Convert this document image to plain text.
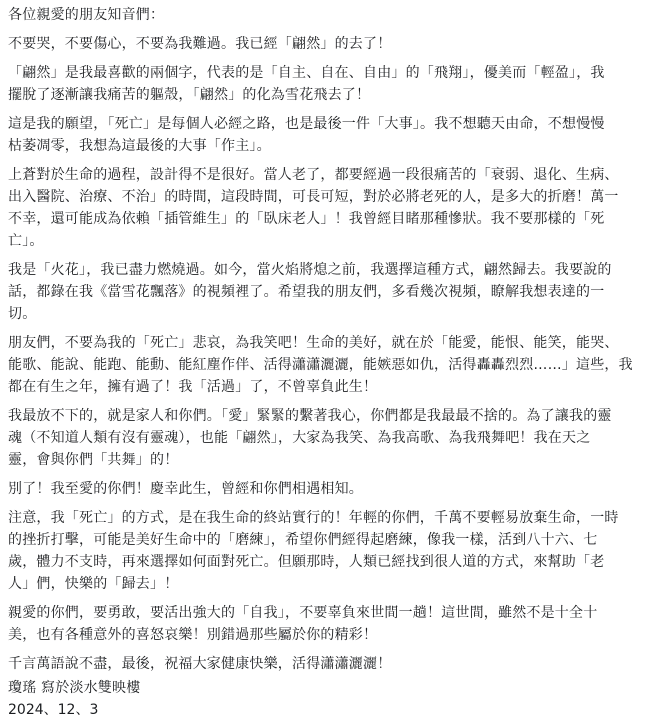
各位親愛的朋友知音們：
不要哭，不要傷心，不要為我難過。我已經「翩然」的去了！
「翩然」是我最喜歡的兩個字，代表的是「自主、自在、自由」的「飛翔」，優美而「輕盈」，我
擺脫了逐漸讓我痛苦的軀殼，「翩然」的化為雪花飛去了！
這是我的願望，「死亡」是每個人必經之路，也是最後一件「大事」。我不想聽天由命，不想慢慢
枯萎凋零，我想為這最後的大事「作主」。
上蒼對於生命的過程，設計得不是很好。當人老了，都要經過一段很痛苦的「衰弱、退化、生病、
出入醫院、治療、不治」的時間，這段時間，可長可短，對於必將老死的人，是多大的折磨！萬一
不幸，還可能成為依賴「插管維生」的「臥床老人」！我曾經目睹那種慘狀。我不要那樣的「死
亡」。
我是「火花」，我已盡力燃燒過。如今，當火焰將熄之前，我選擇這種方式，翩然歸去。我要說的
話，都錄在我《當雪花飄落》的視頻裡了。希望我的朋友們，多看幾次視頻，瞭解我想表達的一
切。
朋友們，不要為我的「死亡」悲哀，為我笑吧！生命的美好，就在於「能愛，能恨、能笑，能哭、
能歌、能說、能跑、能動、能紅塵作伴、活得瀟瀟灑灑，能嫉惡如仇，活得轟轟烈烈……」這些，我
都在有生之年，擁有過了！我「活過」了，不曾辜負此生！
我最放不下的，就是家人和你們。「愛」緊緊的繫著我心，你們都是我最最不捨的。為了讓我的靈
魂（不知道人類有沒有靈魂），也能「翩然」，大家為我笑、為我高歌、為我飛舞吧！我在天之
靈，會與你們「共舞」的！
別了！我至愛的你們！慶幸此生，曾經和你們相遇相知。
注意，我「死亡」的方式，是在我生命的終站實行的！年輕的你們，千萬不要輕易放棄生命，一時
的挫折打擊，可能是美好生命中的「磨練」，希望你們經得起磨練，像我一樣，活到八十六、七
歲，體力不支時，再來選擇如何面對死亡。但願那時，人類已經找到很人道的方式，來幫助「老
人」們，快樂的「歸去」！
親愛的你們，要勇敢，要活出強大的「自我」，不要辜負來世間一趟！這世間，雖然不是十全十
美，也有各種意外的喜怒哀樂！別錯過那些屬於你的精彩！
千言萬語說不盡，最後，祝福大家健康快樂，活得瀟瀟灑灑！
瓊瑤 寫於淡水雙映樓
2024、12、3
